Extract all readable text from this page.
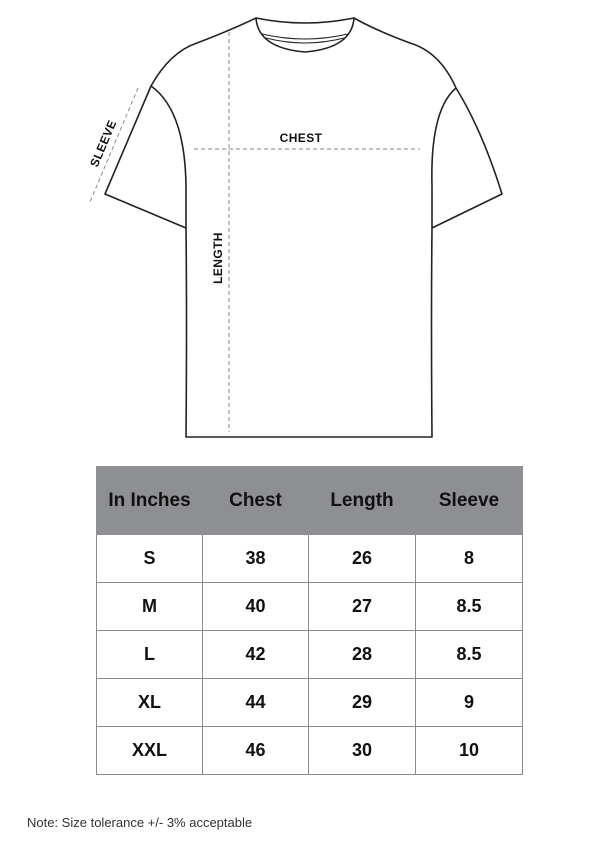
CHEST
LENGTH
SLEEVE
In Inches	Chest	Length	Sleeve
S	38	26	8
M	40	27	8.5
L	42	28	8.5
XL	44	29	9
XXL	46	30	10
Note: Size tolerance +/- 3% acceptable
